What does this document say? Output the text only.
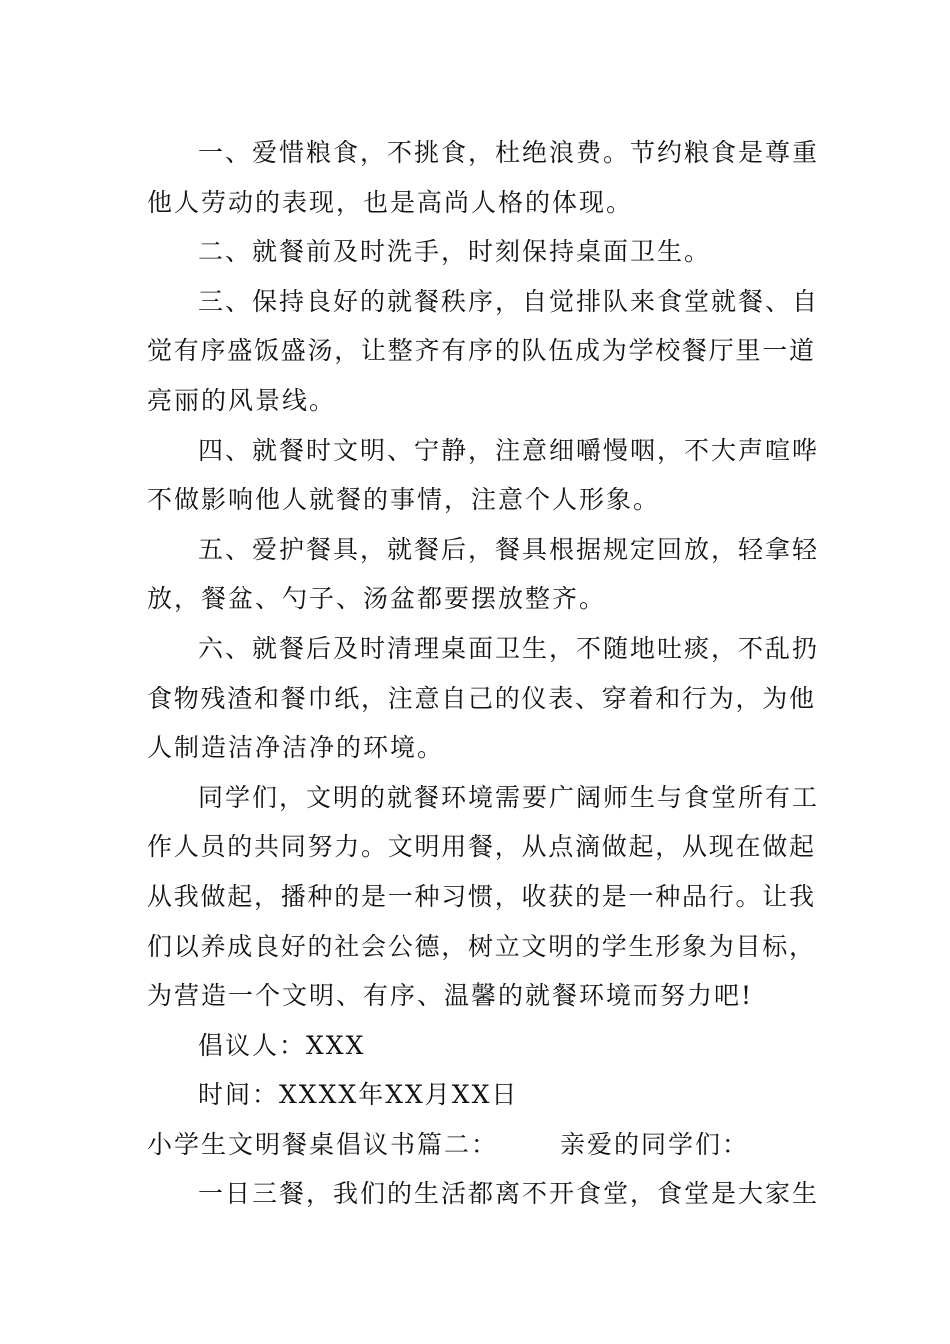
一、爱惜粮食，不挑食，杜绝浪费。节约粮食是尊重
他人劳动的表现，也是高尚人格的体现。
二、就餐前及时洗手，时刻保持桌面卫生。
三、保持良好的就餐秩序，自觉排队来食堂就餐、自
觉有序盛饭盛汤，让整齐有序的队伍成为学校餐厅里一道
亮丽的风景线。
四、就餐时文明、宁静，注意细嚼慢咽，不大声喧哗
不做影响他人就餐的事情，注意个人形象。
五、爱护餐具，就餐后，餐具根据规定回放，轻拿轻
放，餐盆、勺子、汤盆都要摆放整齐。
六、就餐后及时清理桌面卫生，不随地吐痰，不乱扔
食物残渣和餐巾纸，注意自己的仪表、穿着和行为，为他
人制造洁净洁净的环境。
同学们，文明的就餐环境需要广阔师生与食堂所有工
作人员的共同努力。文明用餐，从点滴做起，从现在做起
从我做起，播种的是一种习惯，收获的是一种品行。让我
们以养成良好的社会公德，树立文明的学生形象为目标，
为营造一个文明、有序、温馨的就餐环境而努力吧!
倡议人：XXX
时间：XXXX年XX月XX日
小学生文明餐桌倡议书篇二： 亲爱的同学们：
一日三餐，我们的生活都离不开食堂，食堂是大家生
